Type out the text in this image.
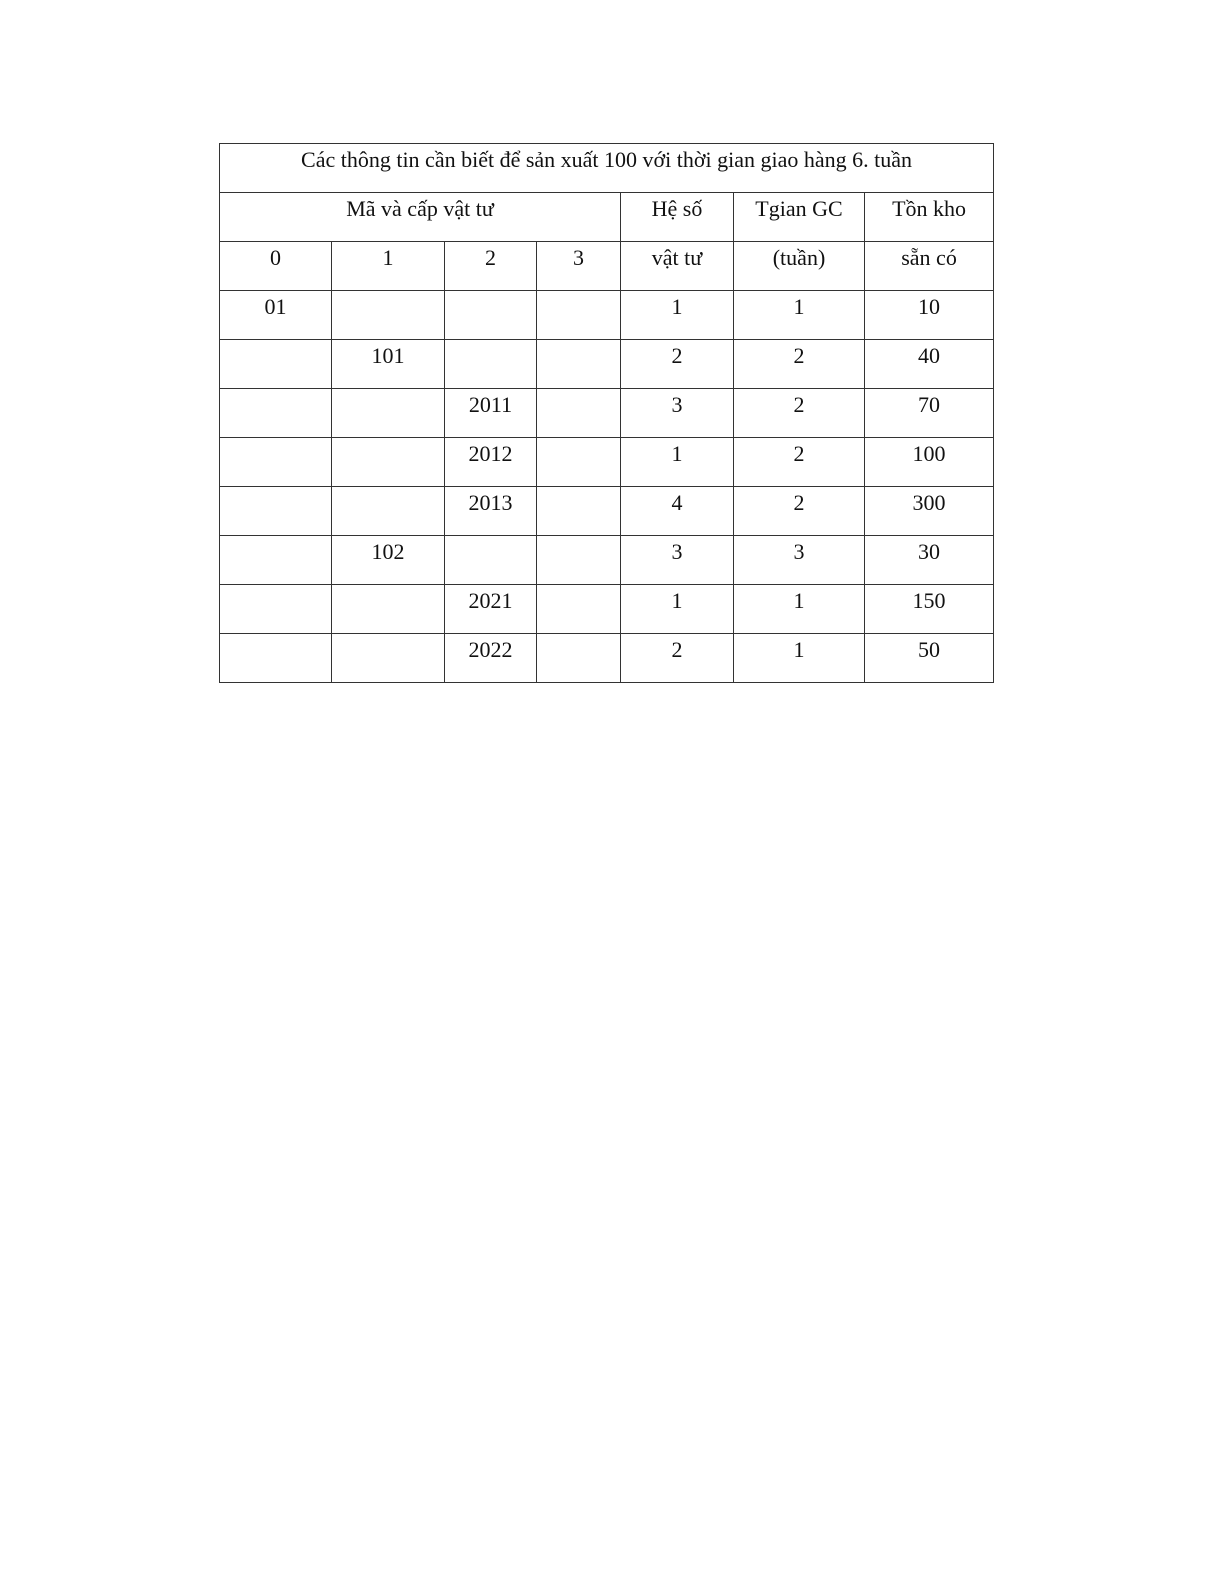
Các thông tin cần biết để sản xuất 100 với thời gian giao hàng 6. tuần						
Mã và cấp vật tư				Hệ số	Tgian GC	Tồn kho
0	1	2	3	vật tư	(tuần)	sẵn có
01				1	1	10
	101			2	2	40
		2011		3	2	70
		2012		1	2	100
		2013		4	2	300
	102			3	3	30
		2021		1	1	150
		2022		2	1	50
